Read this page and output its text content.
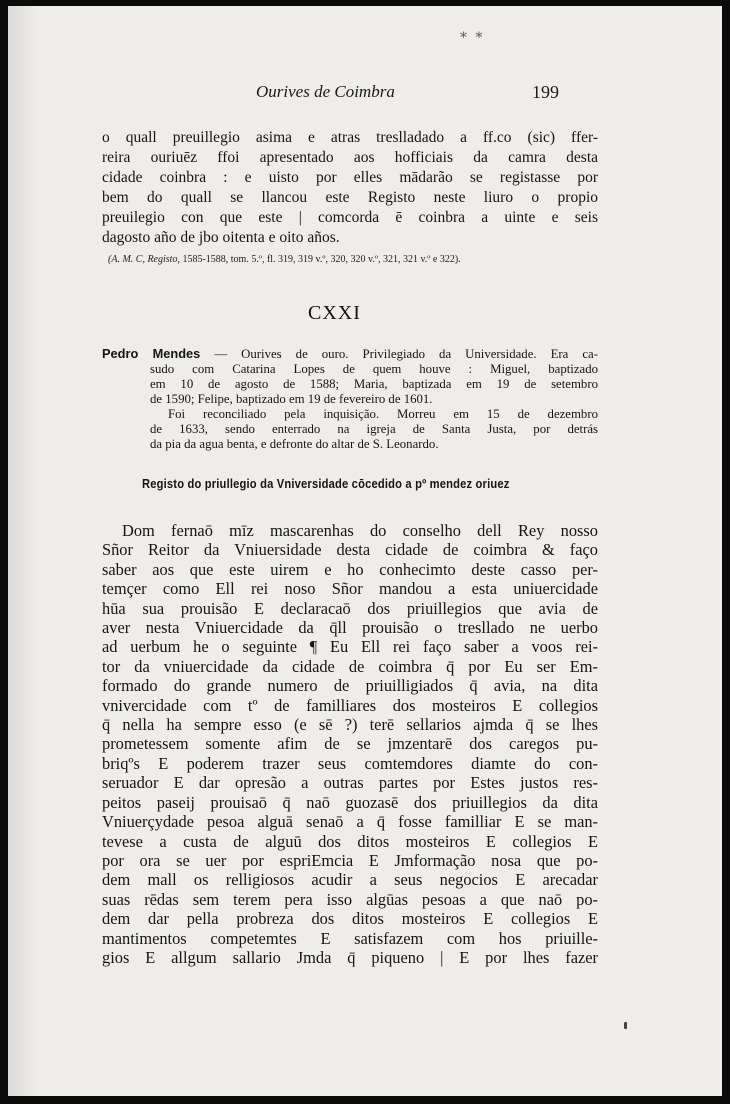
* *
Ourives de Coimbra	199
o quall preuillegio asima e atras treslladado a ff.co (sic) ffer-
reira ouriuēz ffoi apresentado aos hofficiais da camra desta
cidade coinbra : e uisto por elles mādarão se registasse por
bem do quall se llancou este Registo neste liuro o propio
preuilegio con que este | comcorda ē coinbra a uinte e seis
dagosto año de jbo oitenta e oito años.
(A. M. C, Registo, 1585-1588, tom. 5.º, fl. 319, 319 v.º, 320, 320 v.º, 321, 321 v.º e 322).
CXXI
Pedro Mendes — Ourives de ouro. Privilegiado da Universidade. Era ca-
sudo com Catarina Lopes de quem houve : Miguel, baptizado
em 10 de agosto de 1588; Maria, baptizada em 19 de setembro
de 1590; Felipe, baptizado em 19 de fevereiro de 1601.
Foi reconciliado pela inquisição. Morreu em 15 de dezembro
de 1633, sendo enterrado na igreja de Santa Justa, por detrás
da pia da agua benta, e defronte do altar de S. Leonardo.
Registo do priullegio da Vniversidade cōcedido a pº mendez oriuez
Dom fernaō mīz mascarenhas do conselho dell Rey nosso
Sñor Reitor da Vniuersidade desta cidade de coimbra & faço
saber aos que este uirem e ho conhecimto deste casso per-
temçer como Ell rei noso Sñor mandou a esta uniuercidade
hūa sua prouisão E declaracaō dos priuillegios que avia de
aver nesta Vniuercidade da q̄ll prouisão o tresllado ne uerbo
ad uerbum he o seguinte ¶ Eu Ell rei faço saber a voos rei-
tor da vniuercidade da cidade de coimbra q̄ por Eu ser Em-
formado do grande numero de priuilligiados q̄ avia, na dita
vnivercidade com tº de familliares dos mosteiros E collegios
q̄ nella ha sempre esso (e sē ?) terē sellarios ajmda q̄ se lhes
prometessem somente afim de se jmzentarē dos caregos pu-
briqºs E poderem trazer seus comtemdores diamte do con-
seruador E dar opresão a outras partes por Estes justos res-
peitos paseij prouisaō q̄ naō guozasē dos priuillegios da dita
Vniuerçydade pesoa alguā senaō a q̄ fosse familliar E se man-
tevese a custa de alguū dos ditos mosteiros E collegios E
por ora se uer por espriEmcia E Jmformação nosa que po-
dem mall os relligiosos acudir a seus negocios E arecadar
suas rēdas sem terem pera isso algūas pesoas a que naō po-
dem dar pella probreza dos ditos mosteiros E collegios E
mantimentos competemtes E satisfazem com hos priuille-
gios E allgum sallario Jmda q̄ piqueno | E por lhes fazer
